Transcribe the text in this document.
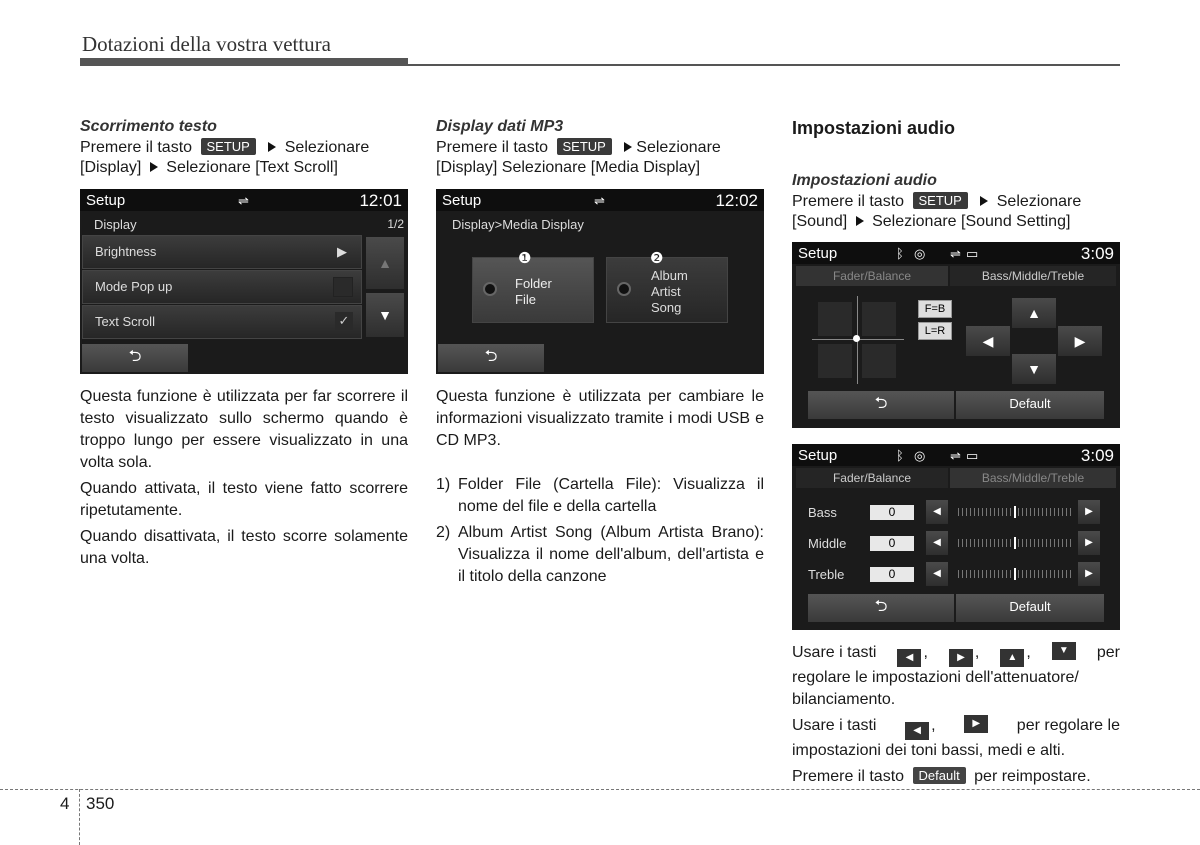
Dotazioni della vostra vettura
Scorrimento testo
Premere il tasto SETUP Selezionare
[Display] Selezionare [Text Scroll]
Setup	⇌	12:01
Display	1/2
Brightness	▶
Mode Pop up
Text Scroll	✓
▲
▼
⮌

Questa funzione è utilizzata per far scorrere il testo visualizzato sullo schermo quando è troppo lungo per essere visualizzato in una volta sola.

Quando attivata, il testo viene fatto scorrere ripetutamente.

Quando disattivata, il testo scorre solamente una volta.

Display dati MP3
Premere il tasto SETUP Selezionare
[Display] Selezionare [Media Display]
Setup	⇌	12:02
Display>Media Display
Folder File
❶
Album Artist Song
❷
⮌

Questa funzione è utilizzata per cambiare le informazioni visualizzato tramite i modi USB e CD MP3.

1) Folder File (Cartella File): Visualizza il nome del file e della cartella
2) Album Artist Song (Album Artista Brano): Visualizza il nome dell'album, dell'artista e il titolo della canzone
Impostazioni audio
Impostazioni audio
Premere il tasto SETUP Selezionare
[Sound] Selezionare [Sound Setting]
Setup	ᛒ ◎ ⇌ ▭	3:09
Fader/Balance	Bass/Middle/Treble
F=B
L=R
▲
◀	▶
▼
⮌	Default
Setup	ᛒ ◎ ⇌ ▭	3:09
Fader/Balance	Bass/Middle/Treble
Bass	0	◀	▶
Middle	0	◀	▶
Treble	0	◀	▶
⮌	Default
Usare i tasti	◀ ,	▶ ,	▲ ,	▼	per
regolare le impostazioni dell'attenuatore/ bilanciamento.
Usare i tasti	◀ ,	▶	per regolare le
impostazioni dei toni bassi, medi e alti.
Premere il tasto Default per reimpostare.
4 350
